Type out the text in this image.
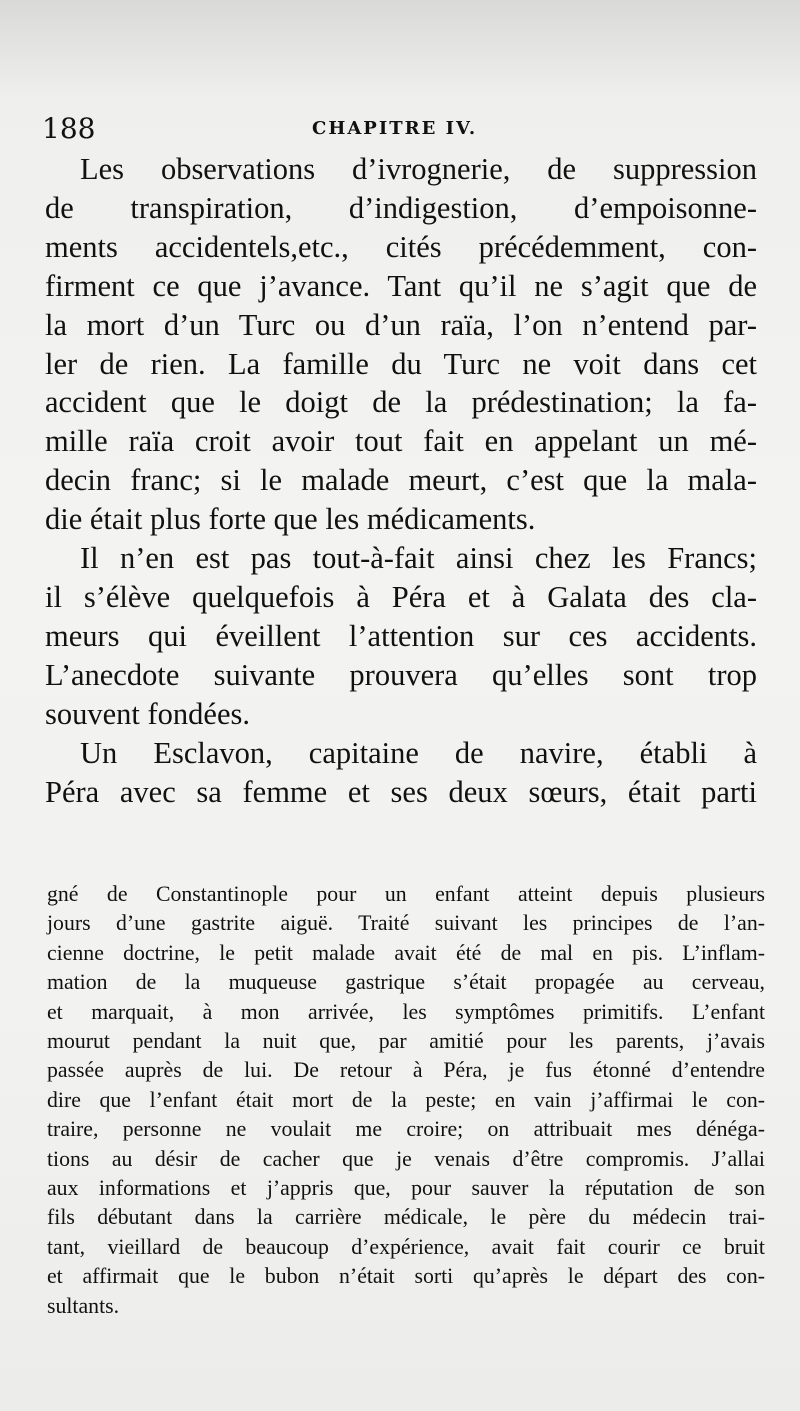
188	CHAPITRE IV.

Les observations d’ivrognerie, de suppression
de transpiration, d’indigestion, d’empoisonne-
ments accidentels,etc., cités précédemment, con-
firment ce que j’avance. Tant qu’il ne s’agit que de
la mort d’un Turc ou d’un raïa, l’on n’entend par-
ler de rien. La famille du Turc ne voit dans cet
accident que le doigt de la prédestination; la fa-
mille raïa croit avoir tout fait en appelant un mé-
decin franc; si le malade meurt, c’est que la mala-
die était plus forte que les médicaments.

Il n’en est pas tout-à-fait ainsi chez les Francs;
il s’élève quelquefois à Péra et à Galata des cla-
meurs qui éveillent l’attention sur ces accidents.
L’anecdote suivante prouvera qu’elles sont trop
souvent fondées.

Un Esclavon, capitaine de navire, établi à
Péra avec sa femme et ses deux sœurs, était parti

gné de Constantinople pour un enfant atteint depuis plusieurs
jours d’une gastrite aiguë. Traité suivant les principes de l’an-
cienne doctrine, le petit malade avait été de mal en pis. L’inflam-
mation de la muqueuse gastrique s’était propagée au cerveau,
et marquait, à mon arrivée, les symptômes primitifs. L’enfant
mourut pendant la nuit que, par amitié pour les parents, j’avais
passée auprès de lui. De retour à Péra, je fus étonné d’entendre
dire que l’enfant était mort de la peste; en vain j’affirmai le con-
traire, personne ne voulait me croire; on attribuait mes dénéga-
tions au désir de cacher que je venais d’être compromis. J’allai
aux informations et j’appris que, pour sauver la réputation de son
fils débutant dans la carrière médicale, le père du médecin trai-
tant, vieillard de beaucoup d’expérience, avait fait courir ce bruit
et affirmait que le bubon n’était sorti qu’après le départ des con-
sultants.
